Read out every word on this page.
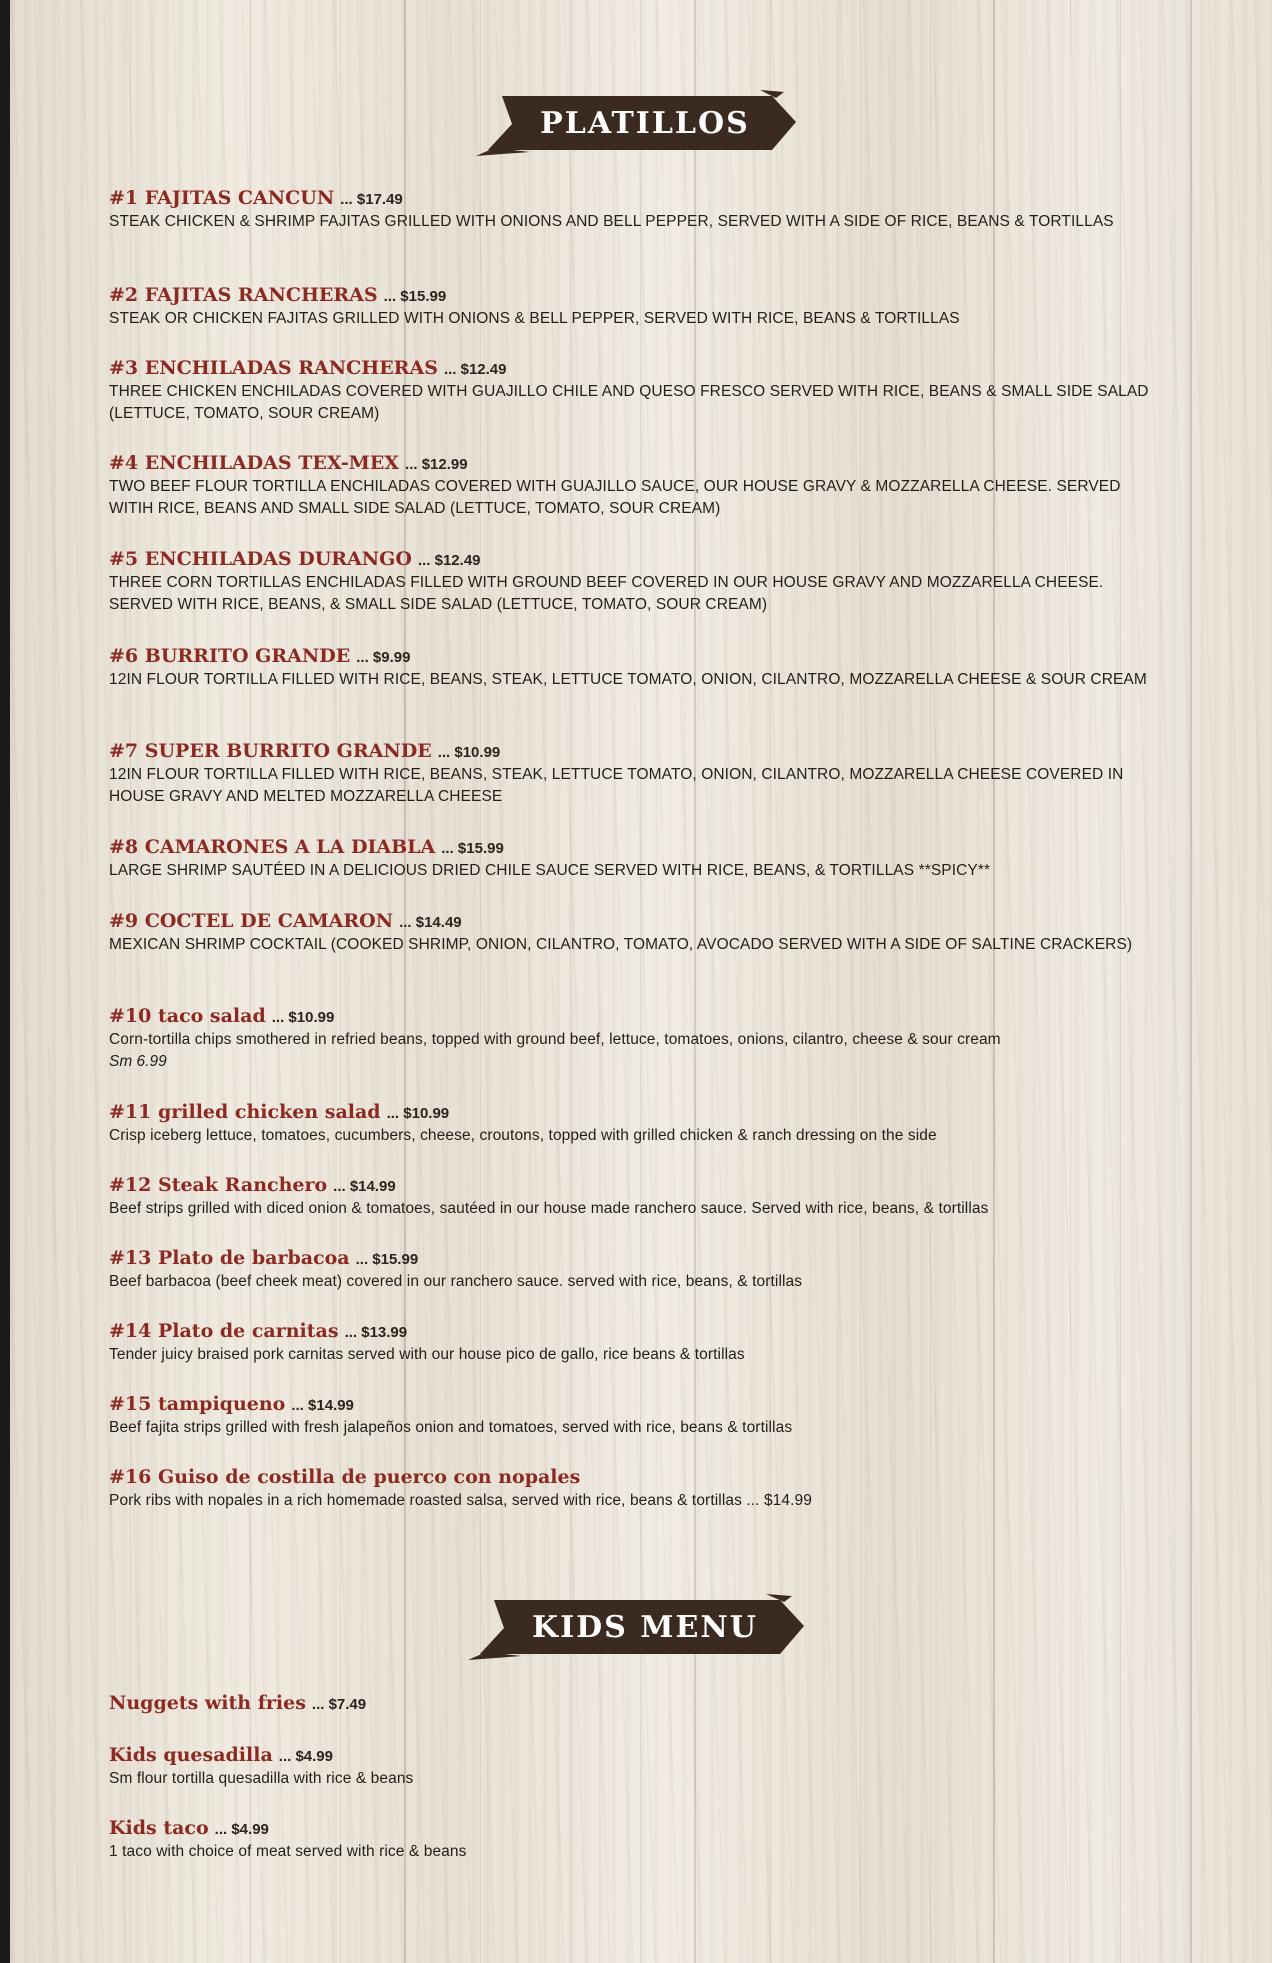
PLATILLOS
#1 FAJITAS CANCUN ... $17.49
STEAK CHICKEN & SHRIMP FAJITAS GRILLED WITH ONIONS AND BELL PEPPER, SERVED WITH A SIDE OF RICE, BEANS & TORTILLAS
#2 FAJITAS RANCHERAS ... $15.99
STEAK OR CHICKEN FAJITAS GRILLED WITH ONIONS & BELL PEPPER, SERVED WITH RICE, BEANS & TORTILLAS
#3 ENCHILADAS RANCHERAS ... $12.49
THREE CHICKEN ENCHILADAS COVERED WITH GUAJILLO CHILE AND QUESO FRESCO SERVED WITH RICE, BEANS & SMALL SIDE SALAD (LETTUCE, TOMATO, SOUR CREAM)
#4 ENCHILADAS TEX-MEX ... $12.99
TWO BEEF FLOUR TORTILLA ENCHILADAS COVERED WITH GUAJILLO SAUCE, OUR HOUSE GRAVY & MOZZARELLA CHEESE. SERVED WITIH RICE, BEANS AND SMALL SIDE SALAD (LETTUCE, TOMATO, SOUR CREAM)
#5 ENCHILADAS DURANGO ... $12.49
THREE CORN TORTILLAS ENCHILADAS FILLED WITH GROUND BEEF COVERED IN OUR HOUSE GRAVY AND MOZZARELLA CHEESE. SERVED WITH RICE, BEANS, & SMALL SIDE SALAD (LETTUCE, TOMATO, SOUR CREAM)
#6 BURRITO GRANDE ... $9.99
12IN FLOUR TORTILLA FILLED WITH RICE, BEANS, STEAK, LETTUCE TOMATO, ONION, CILANTRO, MOZZARELLA CHEESE & SOUR CREAM
#7 SUPER BURRITO GRANDE ... $10.99
12IN FLOUR TORTILLA FILLED WITH RICE, BEANS, STEAK, LETTUCE TOMATO, ONION, CILANTRO, MOZZARELLA CHEESE COVERED IN HOUSE GRAVY AND MELTED MOZZARELLA CHEESE
#8 CAMARONES A LA DIABLA ... $15.99
LARGE SHRIMP SAUTÉED IN A DELICIOUS DRIED CHILE SAUCE SERVED WITH RICE, BEANS, & TORTILLAS **SPICY**
#9 COCTEL DE CAMARON ... $14.49
MEXICAN SHRIMP COCKTAIL (COOKED SHRIMP, ONION, CILANTRO, TOMATO, AVOCADO SERVED WITH A SIDE OF SALTINE CRACKERS)
#10 taco salad ... $10.99
Corn-tortilla chips smothered in refried beans, topped with ground beef, lettuce, tomatoes, onions, cilantro, cheese & sour cream
Sm 6.99
#11 grilled chicken salad ... $10.99
Crisp iceberg lettuce, tomatoes, cucumbers, cheese, croutons, topped with grilled chicken & ranch dressing on the side
#12 Steak Ranchero ... $14.99
Beef strips grilled with diced onion & tomatoes, sautéed in our house made ranchero sauce. Served with rice, beans, & tortillas
#13 Plato de barbacoa ... $15.99
Beef barbacoa (beef cheek meat) covered in our ranchero sauce. served with rice, beans, & tortillas
#14 Plato de carnitas ... $13.99
Tender juicy braised pork carnitas served with our house pico de gallo, rice beans & tortillas
#15 tampiqueno ... $14.99
Beef fajita strips grilled with fresh jalapeños onion and tomatoes, served with rice, beans & tortillas
#16 Guiso de costilla de puerco con nopales
Pork ribs with nopales in a rich homemade roasted salsa, served with rice, beans & tortillas ... $14.99
KIDS MENU
Nuggets with fries ... $7.49
Kids quesadilla ... $4.99
Sm flour tortilla quesadilla with rice & beans
Kids taco ... $4.99
1 taco with choice of meat served with rice & beans
